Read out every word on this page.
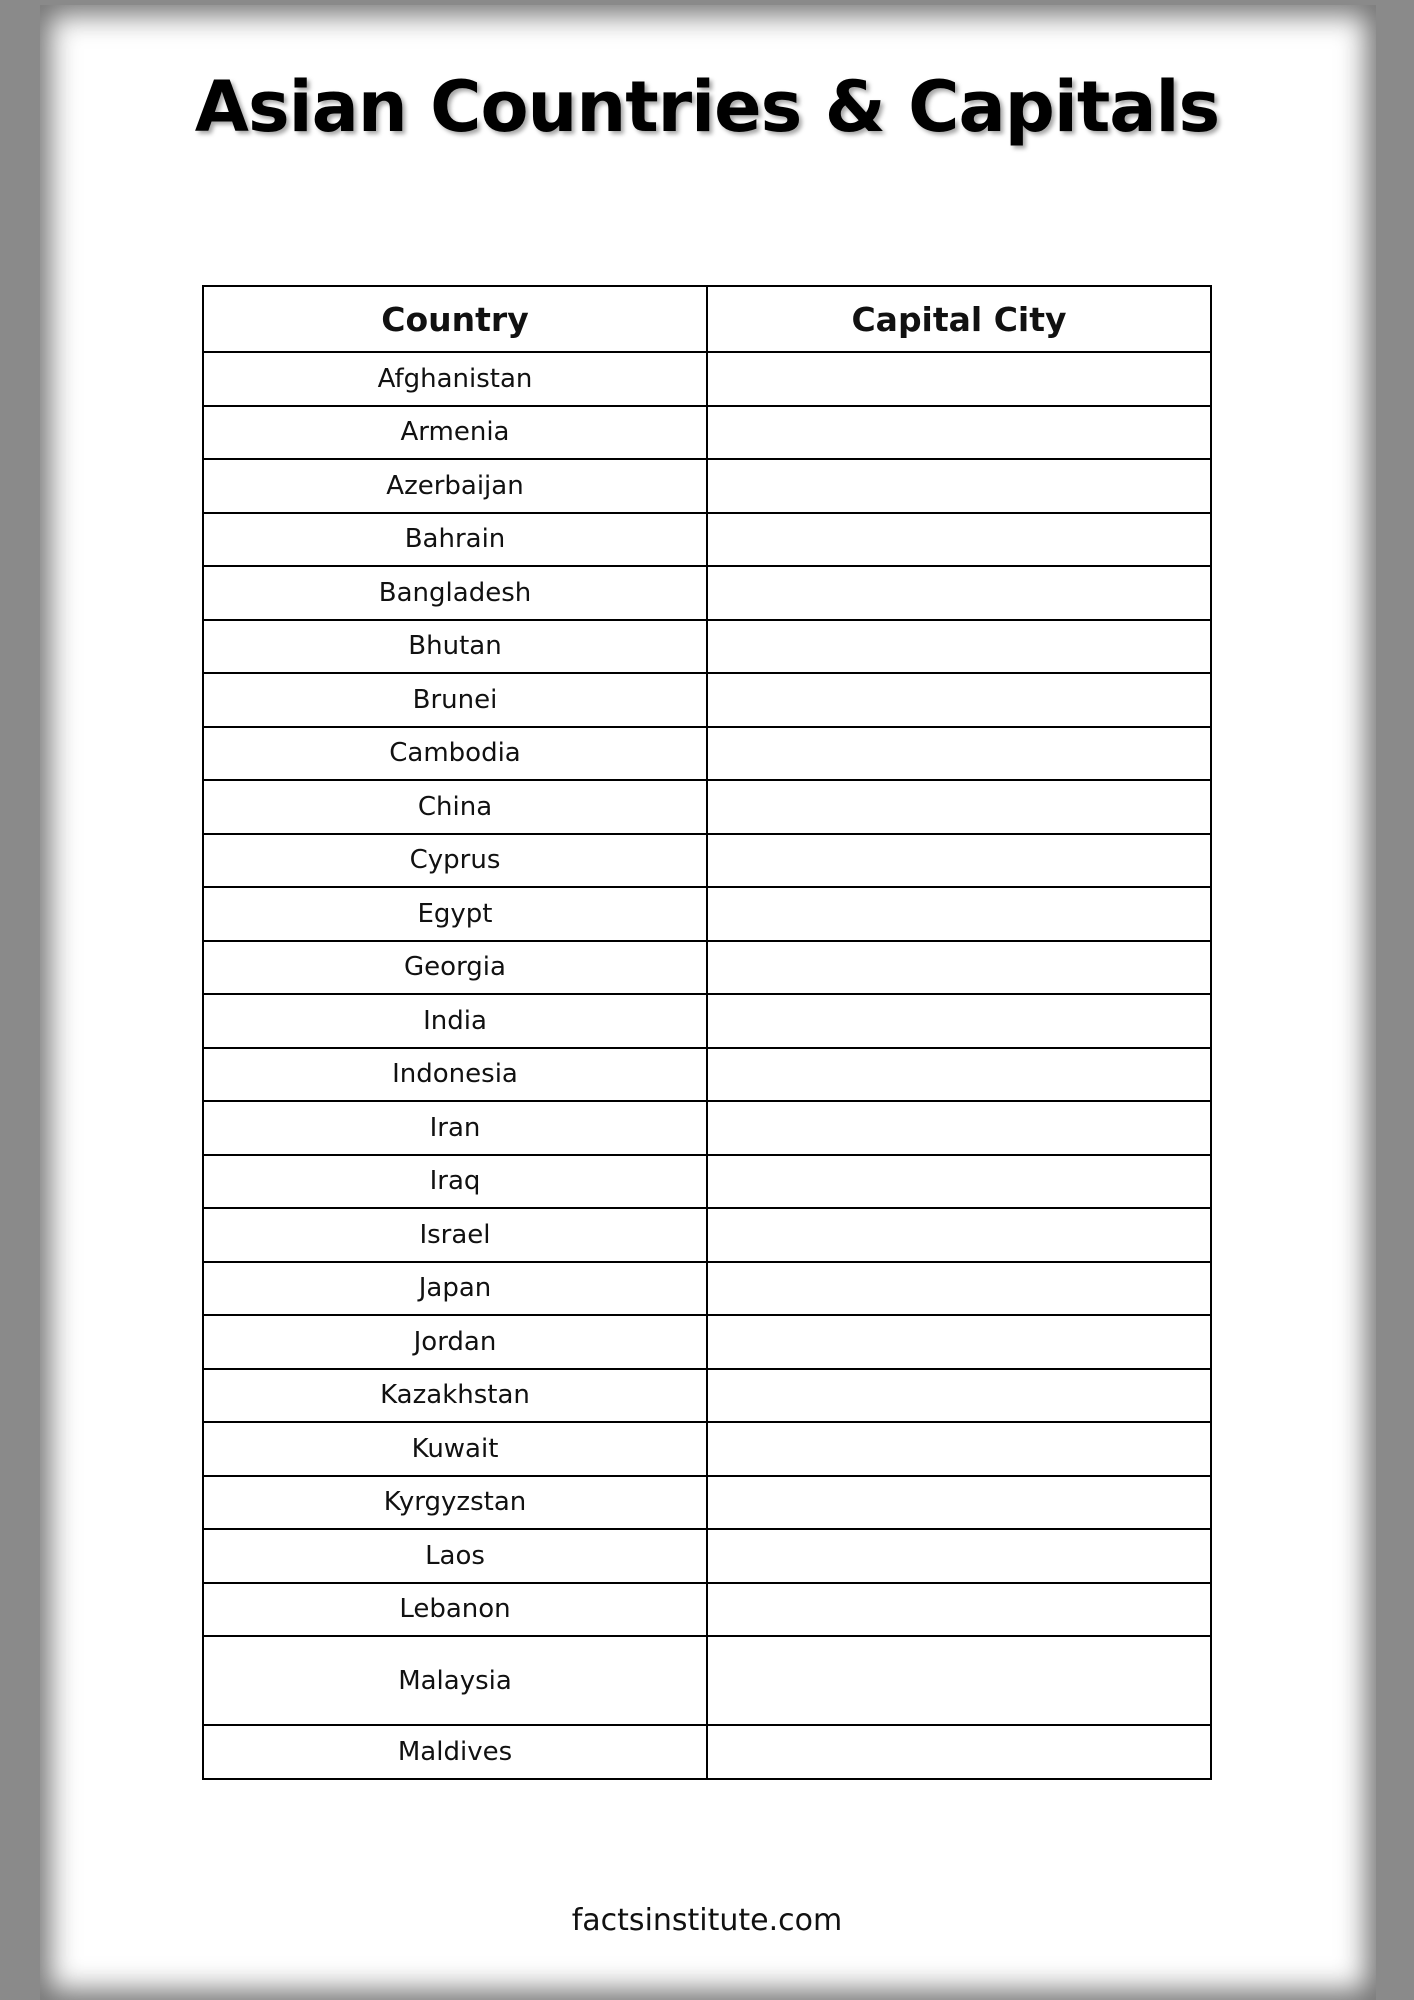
Asian Countries & Capitals
Country	Capital City
Afghanistan	
Armenia	
Azerbaijan	
Bahrain	
Bangladesh	
Bhutan	
Brunei	
Cambodia	
China	
Cyprus	
Egypt	
Georgia	
India	
Indonesia	
Iran	
Iraq	
Israel	
Japan	
Jordan	
Kazakhstan	
Kuwait	
Kyrgyzstan	
Laos	
Lebanon	
Malaysia	
Maldives	
factsinstitute.com
